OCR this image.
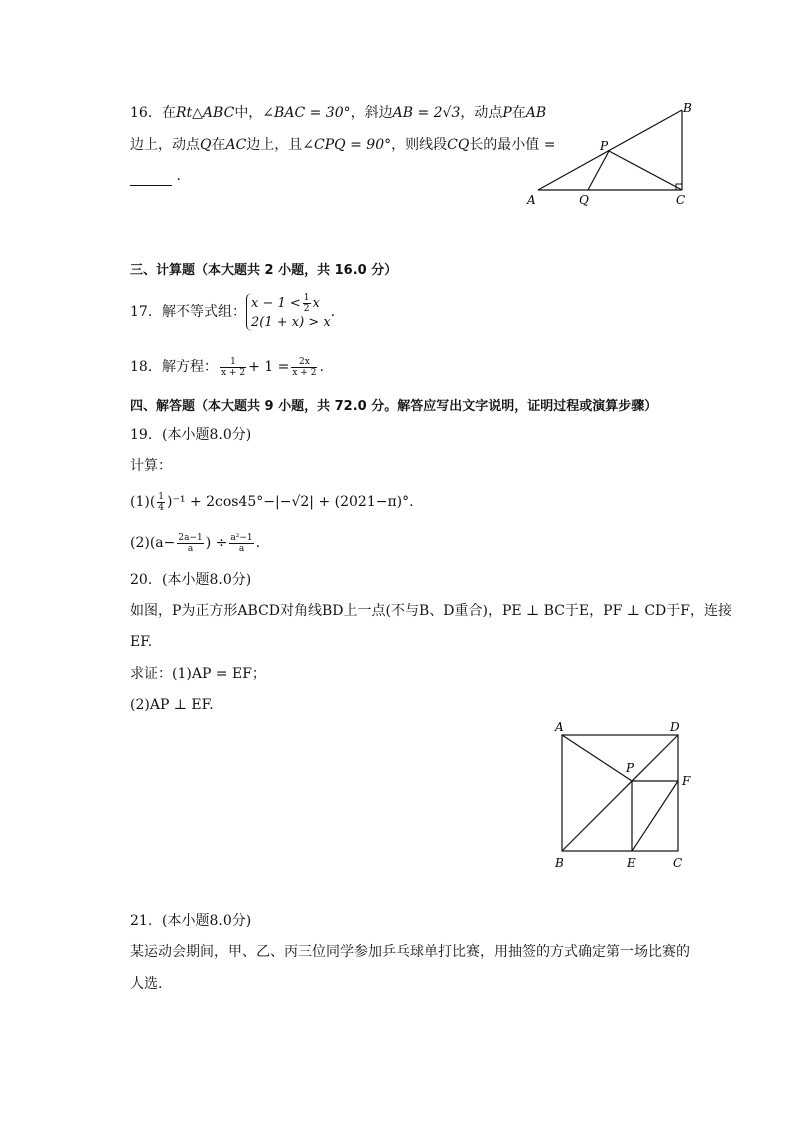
16. 在Rt△ABC中，∠BAC = 30°，斜边AB = 2√3，动点P在AB
边上，动点Q在AC边上，且∠CPQ = 90°，则线段CQ长的最小值 =
.
A
B
C
P
Q
三、计算题（本大题共 2 小题，共 16.0 分）
17. 解不等式组：
$x - 1 < \frac{1}{2}$ x
2(1 + x) > x
.
18. 解方程： $\frac{1}{x + 2} + 1 = \frac{2x}{x + 2}$ .
四、解答题（本大题共 9 小题，共 72.0 分。解答应写出文字说明，证明过程或演算步骤）
19. (本小题8.0分)
计算：
$(1)( \frac{1}{4} )^{-1} + 2\cos 45^\circ-|-√2| + (2021-\pi)^\circ$.
$(2)(a- \frac{2a-1}{a}$ ) ÷ $\frac{\text{a²−1}}{a}$ .
20. (本小题8.0分)
如图，P为正方形ABCD对角线BD上一点(不与B、D重合)，PE ⊥ BC于E，PF ⊥ CD于F，连接
EF.
求证：(1)AP = EF；
(2)AP ⊥ EF.
A	D
P
F
B	E	C
21. (本小题8.0分)
某运动会期间，甲、乙、丙三位同学参加乒乓球单打比赛，用抽签的方式确定第一场比赛的
人选.
